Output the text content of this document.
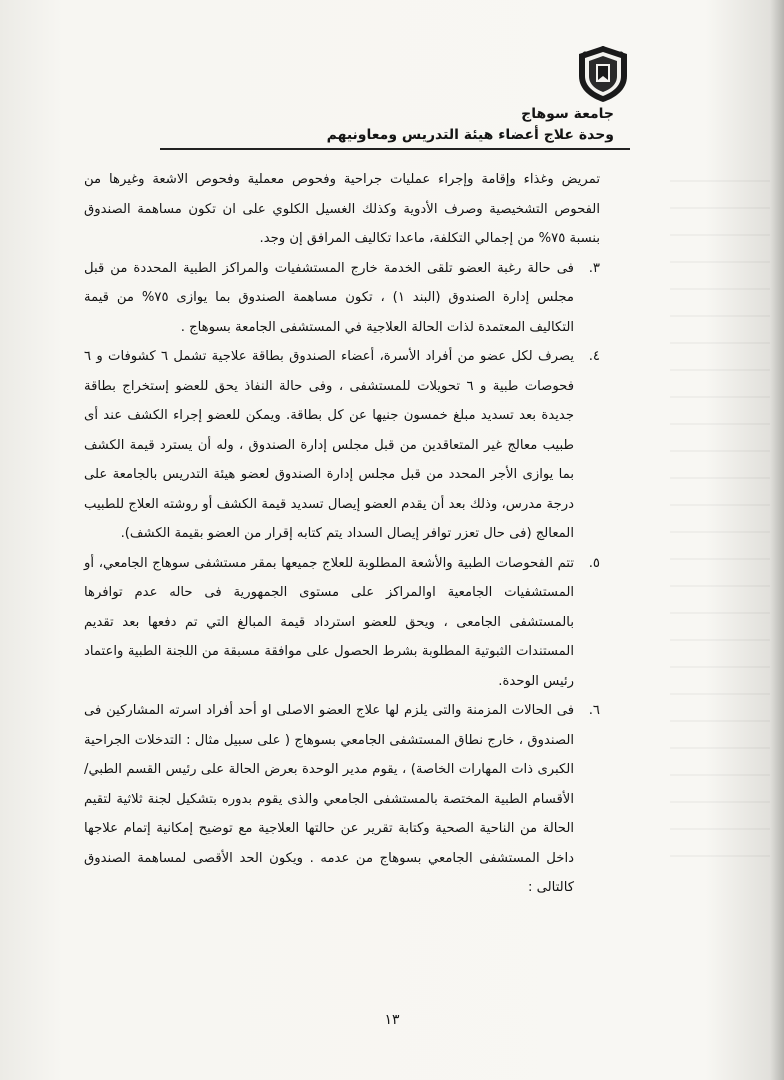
جامعة سوهاج
وحدة علاج أعضاء هيئة التدريس ومعاونيهم

تمريض وغذاء وإقامة وإجراء عمليات جراحية وفحوص معملية وفحوص الاشعة وغيرها من الفحوص التشخيصية وصرف الأدوية وكذلك الغسيل الكلوي على ان تكون مساهمة الصندوق بنسبة ٧٥% من إجمالي التكلفة، ماعدا تكاليف المرافق إن وجد.

٣.

فى حالة رغبة العضو تلقى الخدمة خارج المستشفيات والمراكز الطبية المحددة من قبل مجلس إدارة الصندوق (البند ١) ، تكون مساهمة الصندوق بما يوازى ٧٥% من قيمة التكاليف المعتمدة لذات الحالة العلاجية في المستشفى الجامعة بسوهاج .

٤.

يصرف لكل عضو من أفراد الأسرة، أعضاء الصندوق بطاقة علاجية تشمل ٦ كشوفات و ٦ فحوصات طبية و ٦ تحويلات للمستشفى ، وفى حالة النفاذ يحق للعضو إستخراج بطاقة جديدة بعد تسديد مبلغ خمسون جنيها عن كل بطاقة. ويمكن للعضو إجراء الكشف عند أى طبيب معالج غير المتعاقدين من قبل مجلس إدارة الصندوق ، وله أن يسترد قيمة الكشف بما يوازى الأجر المحدد من قبل مجلس إدارة الصندوق لعضو هيئة التدريس بالجامعة على درجة مدرس، وذلك بعد أن يقدم العضو إيصال تسديد قيمة الكشف أو روشته العلاج للطبيب المعالج (فى حال تعزر توافر إيصال السداد يتم كتابه إقرار من العضو بقيمة الكشف).

٥.

تتم الفحوصات الطبية والأشعة المطلوبة للعلاج جميعها بمقر مستشفى سوهاج الجامعي، أو المستشفيات الجامعية اوالمراكز على مستوى الجمهورية فى حاله عدم توافرها بالمستشفى الجامعى ، ويحق للعضو استرداد قيمة المبالغ التي تم دفعها بعد تقديم المستندات الثبوتية المطلوبة بشرط الحصول على موافقة مسبقة من اللجنة الطبية واعتماد رئيس الوحدة.

٦.

فى الحالات المزمنة والتى يلزم لها علاج العضو الاصلى او أحد أفراد اسرته المشاركين فى الصندوق ، خارج نطاق المستشفى الجامعي بسوهاج ( على سبيل مثال : التدخلات الجراحية الكبرى ذات المهارات الخاصة) ، يقوم مدير الوحدة بعرض الحالة على رئيس القسم الطبي/ الأقسام الطبية المختصة بالمستشفى الجامعي والذى يقوم بدوره بتشكيل لجنة ثلاثية لتقيم الحالة من الناحية الصحية وكتابة تقرير عن حالتها العلاجية مع توضيح إمكانية إتمام علاجها داخل المستشفى الجامعي بسوهاج من عدمه . ويكون الحد الأقصى لمساهمة الصندوق كالتالى :

١٣
